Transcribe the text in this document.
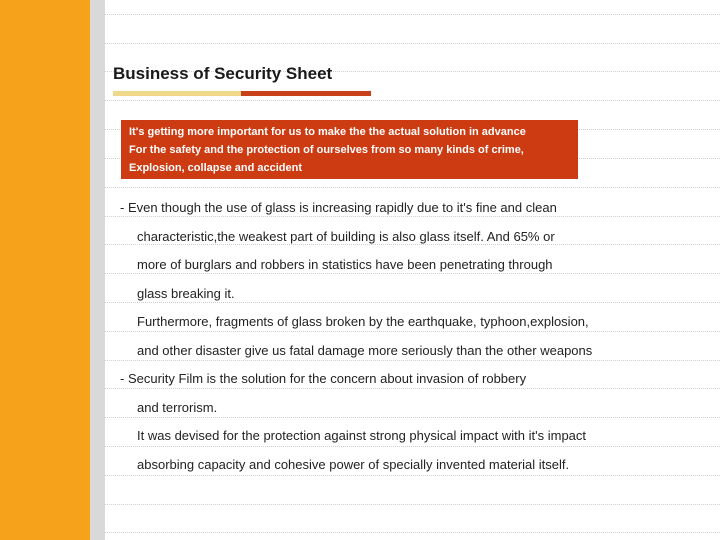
Business of Security Sheet
It's getting more important for us to make the the actual solution in advance
For the safety and the protection of ourselves from so many kinds of crime,
Explosion, collapse and accident
- Even though the use of glass is increasing rapidly due to it's fine and clean
characteristic,the weakest part of building is also glass itself. And 65% or
more of burglars and robbers in statistics have been penetrating through
glass breaking it.
Furthermore, fragments of glass broken by the earthquake, typhoon,explosion,
and other disaster give us fatal damage more seriously than the other weapons
- Security Film is the solution for the concern about invasion of robbery
and terrorism.
It was devised for the protection against strong physical impact with it's impact
absorbing capacity and cohesive power of specially invented material itself.
